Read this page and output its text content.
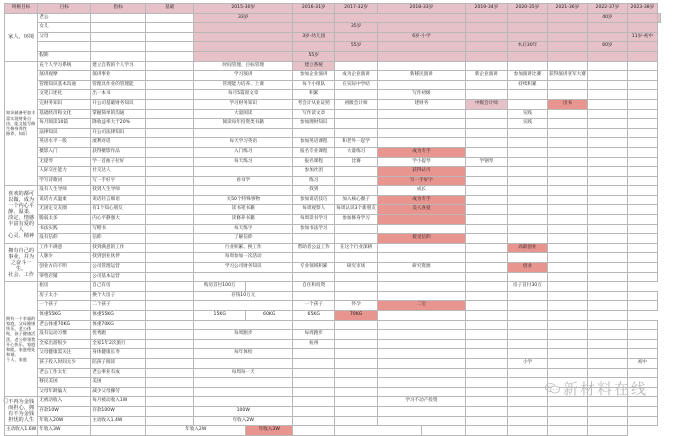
终极目标	目标	指标	基础	2015-30岁		2016-31岁	2017-32岁	2018-33岁		2019-34岁	2020-35岁	2021-36岁	2022-37岁	2023-38岁	

家人、环境	老公			33岁									40岁		
	女儿						35岁								
	父母					3岁-幼儿园		6岁-小学						11岁-初中	
							55岁				木后30年		60岁		
	假期					55岁									

知识储备更加丰富实现财务自由，能文能写修生修身养性
修养、知识	充个人学习系统	建立自我的个人学习		时间管理、目标管理		建立系统									
	演讲观摩	演讲事业		学习演讲		参加企业演讲	成为企业演讲	新移民演讲		新企业演讲	参加演讲比赛	获得演讲亚军大赛			
	管理知识基本沟通	管理具作业的管理能		管理能力培养、上课		每个小组队	在实际中学结				持续积累				
	文笔口述化	出一本书		每月5篇原文章		积累		写作初级							
	完财务知识	开公司基础财务知识		学习财务知识		考会计从业证照	初级会计师	建财务		中级会计师		出书			
	基础经济和文化	掌握简单的沟通		大量阅读		写作读文章					实践				
	每月阅读10篇	降收益率大于20%		阅读每年投资类书籍		参加理财知识					实践				
	法律知识	开公司法律知识													
	英语水平一般	流利对话		每天学习英语		参加英语课程	和老外一起学								
	摄影入门	获得摄影作品		入门练习		报名专业课程	大量练习	成为专手							
	无提琴	学一首曲子拉好		每天练习		报名课程	比赛	学小提琴		学钢琴					
	人际交往能力	社交达人				参加社团		获得认可							
	学写诗歌词	写一手好字		看书学		练习		写一手好字							

喜欢的都可以做，成为一个内心平静、温柔、淡定、情感丰富有爱的人
心灵、精神	没有人生导师	找到人生导师				找到		成长							
	说话方式温柔	说话轻言细语		关50个特殊事物		参加说话技巧	加入核心圈子	成为专手							
	无固定交友圈	有1个知心朋友		读书笔书籍		每周观察人	每周认识3个新朋友	美人喜爱							
	脆弱太多	内心平静强大		读修养书籍		每周读书学习	参加修身学习								
	书法实践	写楷书		每天练字		参加书法学习									
	没有信仰	信仰		了解信仰				接受信仰							

拥有自己的事业，并为之奋斗一生。
社会、工作	工作不满意	找到满意的工作		行业积累、换工作		帮助者公益工作	在这个行业深耕				高职创业				
	人脉少	找到创业伙伴		每周参加一次活动											
	创业方向不明	公司管理运营		学习公司财务知识		专业领域积累	研究市场	研究资源			创业				
	零售店铺	公司基本运营													

拥有一个幸福的家庭，父母健康快乐，老公体贴，孩子健康活泼，老公带领我开心快乐，家庭和睦，家庭相处和谐。
个人、家庭	租房	自己有房		购房首付100万		自住和投资					房子首付30万				
	房子太小	换个大房子		存钱10万元											
	一个孩子	二个孩子				一个孩子	怀孕	二宝							
	体重55KG	体重55KG		15KG	60KG	65KG	70KG								
	老公体重70KG	体重70KG													
	没有运动习惯	优秀跑		每周跑步		每周跑步									
	全家出游很少	全家1年2次旅行				杭州									
	父母健康需关注	身体健康长寿		每年体检											
	孩子投入时间太少	陪孩子阅读									小学			初中	
	老公工作太忙	老公事业有成		每周每一天											
	移民美国	美国													
	父母年龄偏大	减少父母操劳													

不再为金钱而担心，拥有不为金钱担忧的人生	无被动收入	每月被动收入1W						学习不动产投资							
	存款10W	存款100W		100W											
	年收入20W	主动收入1.4W		年收入2W											
主动收入1.6W	年收入3W		年收入2W		年收入3W										
新材料在线
Q
